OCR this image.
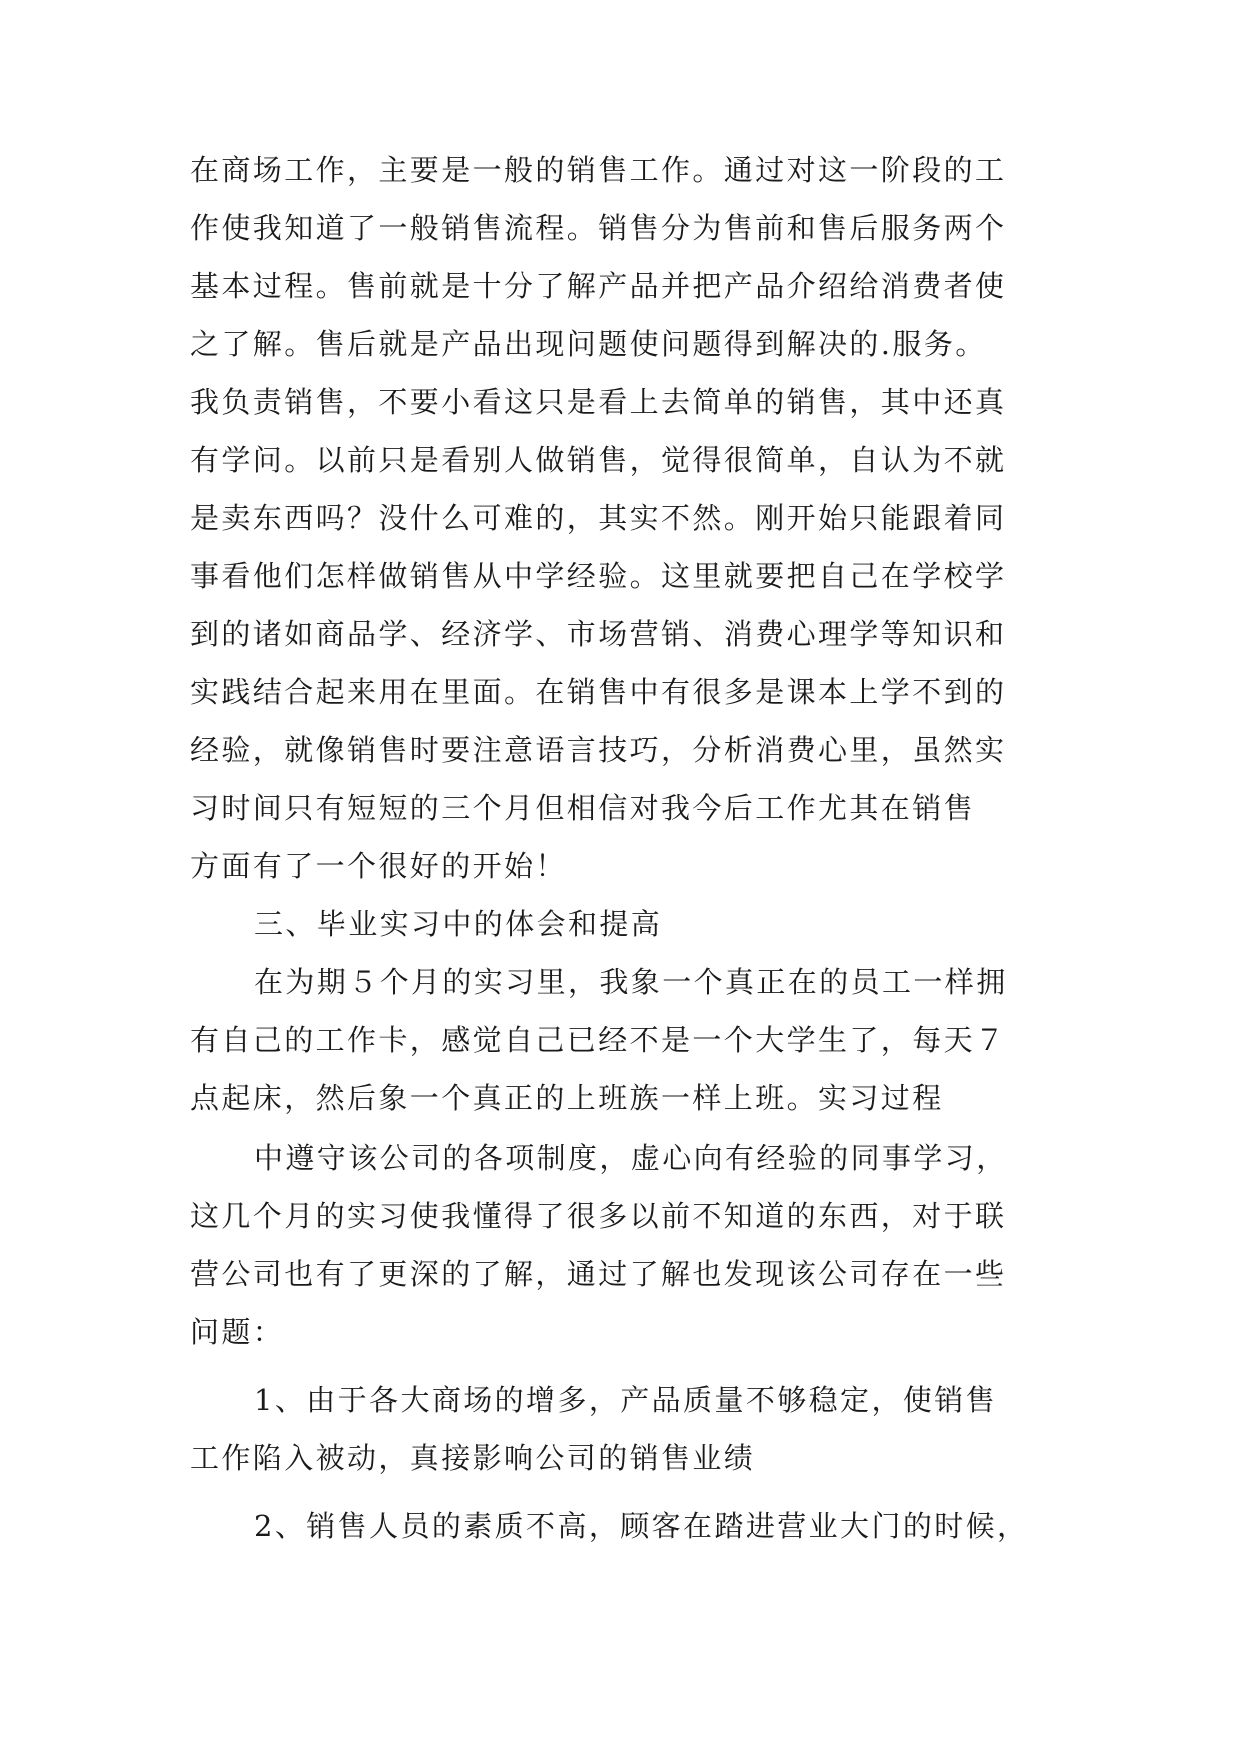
在商场工作，主要是一般的销售工作。通过对这一阶段的工
作使我知道了一般销售流程。销售分为售前和售后服务两个
基本过程。售前就是十分了解产品并把产品介绍给消费者使
之了解。售后就是产品出现问题使问题得到解决的.服务。
我负责销售，不要小看这只是看上去简单的销售，其中还真
有学问。以前只是看别人做销售，觉得很简单，自认为不就
是卖东西吗？没什么可难的，其实不然。刚开始只能跟着同
事看他们怎样做销售从中学经验。这里就要把自己在学校学
到的诸如商品学、经济学、市场营销、消费心理学等知识和
实践结合起来用在里面。在销售中有很多是课本上学不到的
经验，就像销售时要注意语言技巧，分析消费心里，虽然实
习时间只有短短的三个月但相信对我今后工作尤其在销售
方面有了一个很好的开始！
三、毕业实习中的体会和提高
在为期５个月的实习里，我象一个真正在的员工一样拥
有自己的工作卡，感觉自己已经不是一个大学生了，每天７
点起床，然后象一个真正的上班族一样上班。实习过程
中遵守该公司的各项制度，虚心向有经验的同事学习，
这几个月的实习使我懂得了很多以前不知道的东西，对于联
营公司也有了更深的了解，通过了解也发现该公司存在一些
问题：
1、由于各大商场的增多，产品质量不够稳定，使销售
工作陷入被动，真接影响公司的销售业绩
2、销售人员的素质不高，顾客在踏进营业大门的时候，
